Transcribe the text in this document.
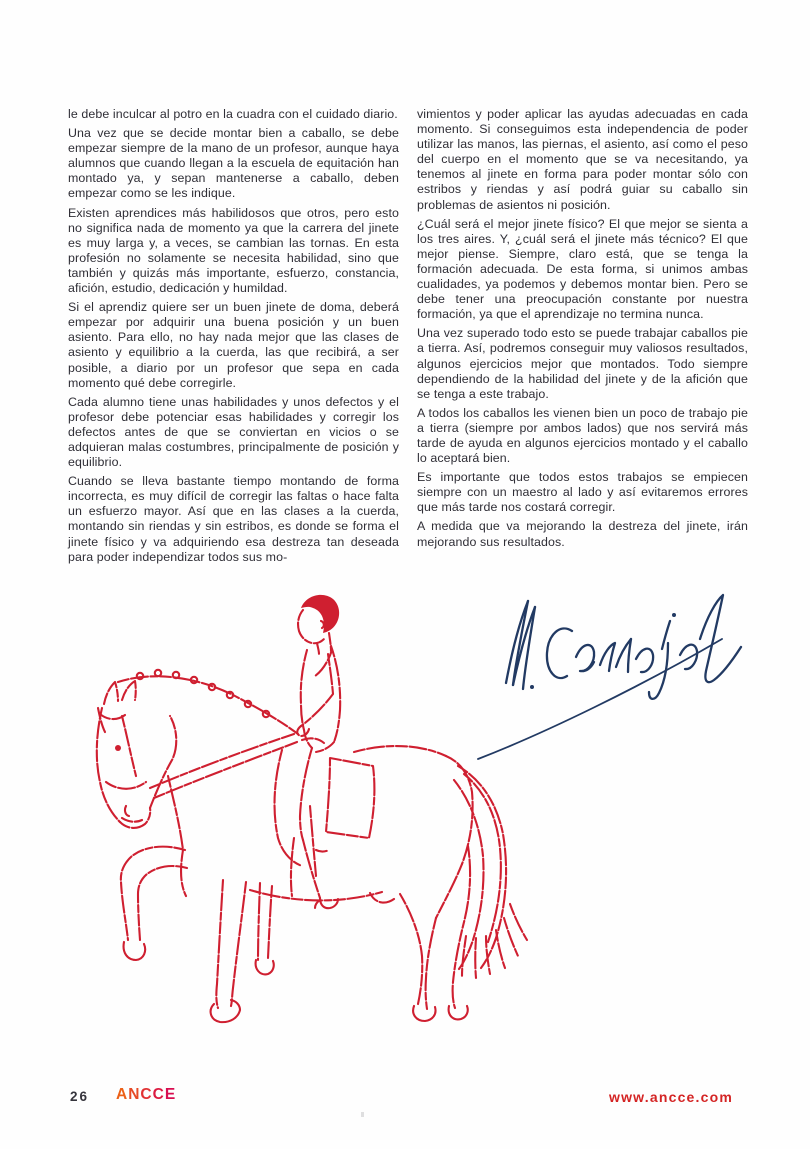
le debe inculcar al potro en la cuadra con el cuidado diario.

Una vez que se decide montar bien a caballo, se debe empezar siempre de la mano de un profesor, aunque haya alumnos que cuando llegan a la escuela de equitación han montado ya, y sepan mantenerse a caballo, deben empezar como se les indique.

Existen aprendices más habilidosos que otros, pero esto no significa nada de momento ya que la carrera del jinete es muy larga y, a veces, se cambian las tornas. En esta profesión no solamente se necesita habilidad, sino que también y quizás más importante, esfuerzo, constancia, afición, estudio, dedicación y humildad.

Si el aprendiz quiere ser un buen jinete de doma, deberá empezar por adquirir una buena posición y un buen asiento. Para ello, no hay nada mejor que las clases de asiento y equilibrio a la cuerda, las que recibirá, a ser posible, a diario por un profesor que sepa en cada momento qué debe corregirle.

Cada alumno tiene unas habilidades y unos defectos y el profesor debe potenciar esas habilidades y corregir los defectos antes de que se conviertan en vicios o se adquieran malas costumbres, principalmente de posición y equilibrio.

Cuando se lleva bastante tiempo montando de forma incorrecta, es muy difícil de corregir las faltas o hace falta un esfuerzo mayor. Así que en las clases a la cuerda, montando sin riendas y sin estribos, es donde se forma el jinete físico y va adquiriendo esa destreza tan deseada para poder independizar todos sus mo-

vimientos y poder aplicar las ayudas adecuadas en cada momento. Si conseguimos esta independencia de poder utilizar las manos, las piernas, el asiento, así como el peso del cuerpo en el momento que se va necesitando, ya tenemos al jinete en forma para poder montar sólo con estribos y riendas y así podrá guiar su caballo sin problemas de asientos ni posición.

¿Cuál será el mejor jinete físico? El que mejor se sienta a los tres aires. Y, ¿cuál será el jinete más técnico? El que mejor piense. Siempre, claro está, que se tenga la formación adecuada. De esta forma, si unimos ambas cualidades, ya podemos y debemos montar bien. Pero se debe tener una preocupación constante por nuestra formación, ya que el aprendizaje no termina nunca.

Una vez superado todo esto se puede trabajar caballos pie a tierra. Así, podremos conseguir muy valiosos resultados, algunos ejercicios mejor que montados. Todo siempre dependiendo de la habilidad del jinete y de la afición que se tenga a este trabajo.

A todos los caballos les vienen bien un poco de trabajo pie a tierra (siempre por ambos lados) que nos servirá más tarde de ayuda en algunos ejercicios montado y el caballo lo aceptará bien.

Es importante que todos estos trabajos se empiecen siempre con un maestro al lado y así evitaremos errores que más tarde nos costará corregir.

A medida que va mejorando la destreza del jinete, irán mejorando sus resultados.

26 ANCCE	www.ancce.com
